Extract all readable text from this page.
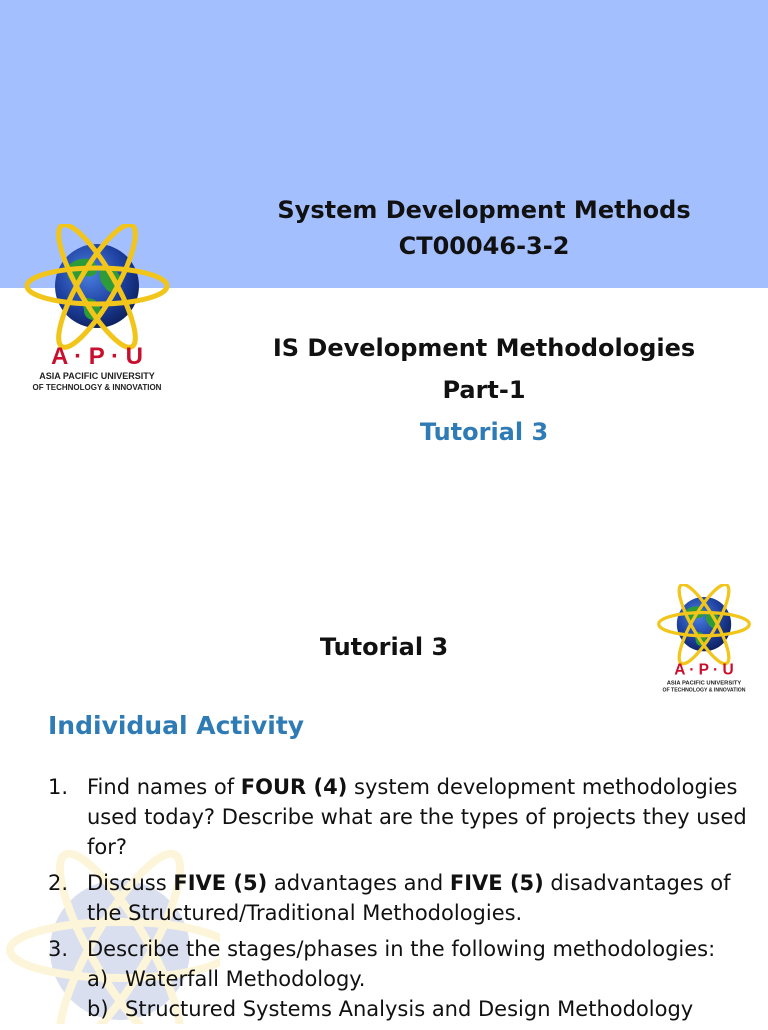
System Development Methods
CT00046-3-2
IS Development Methodologies
Part-1
Tutorial 3
A · P · U
ASIA PACIFIC UNIVERSITY
OF TECHNOLOGY & INNOVATION
A · P · U
ASIA PACIFIC UNIVERSITY
OF TECHNOLOGY & INNOVATION
Tutorial 3
Individual Activity
1. Find names of FOUR (4) system development methodologies used today? Describe what are the types of projects they used for?
2. Discuss FIVE (5) advantages and FIVE (5) disadvantages of the Structured/Traditional Methodologies.
3. Describe the stages/phases in the following methodologies:
a) Waterfall Methodology.
b) Structured Systems Analysis and Design Methodology
